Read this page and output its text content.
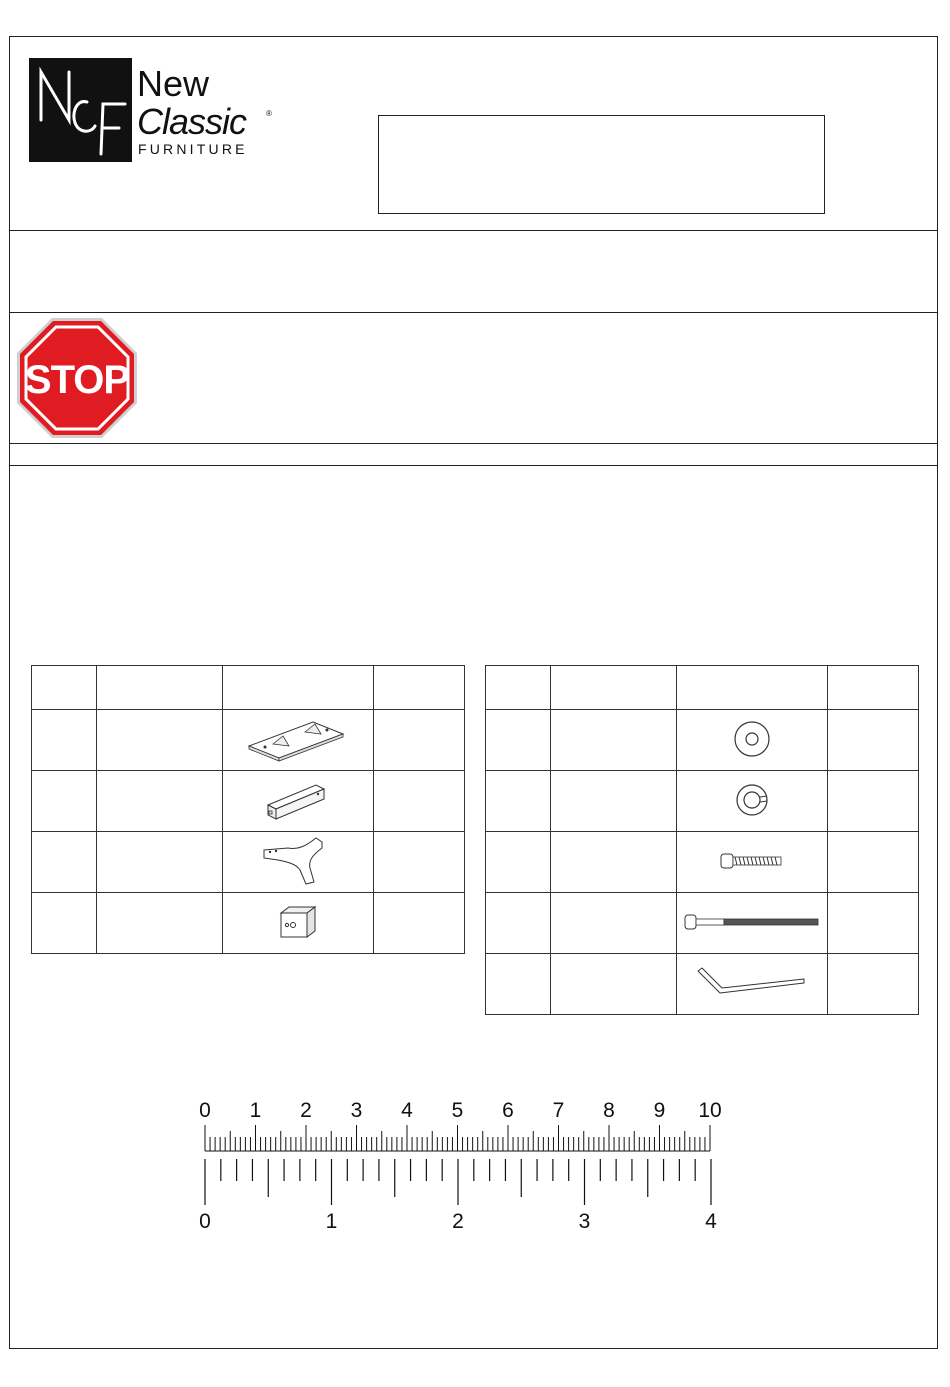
New
Classic ®
FURNITURE
STOP

0 1 2 3 4 5 6 7 8 9 10
0	1	2	3	4
